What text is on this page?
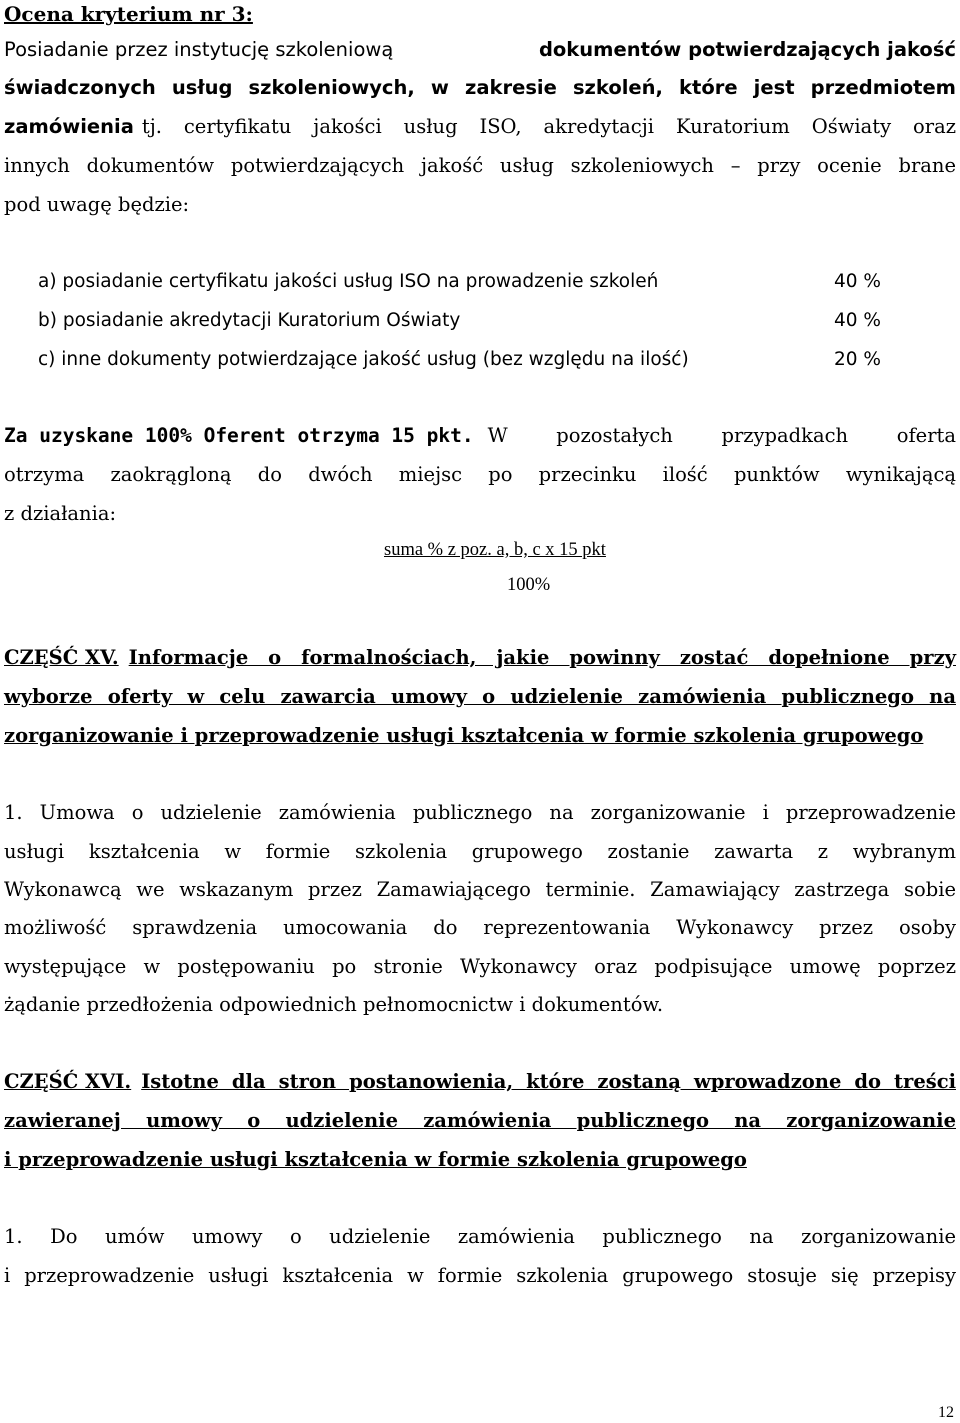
Ocena kryterium nr 3:
Posiadanie przez instytucję szkoleniową	dokumentów potwierdzających jakość
świadczonych usług szkoleniowych, w zakresie szkoleń, które jest przedmiotem
zamówienia tj. certyfikatu jakości usług ISO, akredytacji Kuratorium Oświaty oraz
innych dokumentów potwierdzających jakość usług szkoleniowych – przy ocenie brane
pod uwagę będzie:
a) posiadanie certyfikatu jakości usług ISO na prowadzenie szkoleń	40 %
b) posiadanie akredytacji Kuratorium Oświaty	40 %
c) inne dokumenty potwierdzające jakość usług (bez względu na ilość)	20 %
Za uzyskane 100% Oferent otrzyma 15 pkt. W pozostałych przypadkach oferta
otrzyma zaokrągloną do dwóch miejsc po przecinku ilość punktów wynikającą
z działania:
suma % z poz. a, b, c x 15 pkt
100%
CZĘŚĆ XV. Informacje o formalnościach, jakie powinny zostać dopełnione przy
wyborze oferty w celu zawarcia umowy o udzielenie zamówienia publicznego na
zorganizowanie i przeprowadzenie usługi kształcenia w formie szkolenia grupowego
1. Umowa o udzielenie zamówienia publicznego na zorganizowanie i przeprowadzenie
usługi kształcenia w formie szkolenia grupowego zostanie zawarta z wybranym
Wykonawcą we wskazanym przez Zamawiającego terminie. Zamawiający zastrzega sobie
możliwość sprawdzenia umocowania do reprezentowania Wykonawcy przez osoby
występujące w postępowaniu po stronie Wykonawcy oraz podpisujące umowę poprzez
żądanie przedłożenia odpowiednich pełnomocnictw i dokumentów.
CZĘŚĆ XVI. Istotne dla stron postanowienia, które zostaną wprowadzone do treści
zawieranej umowy o udzielenie zamówienia publicznego na zorganizowanie
i przeprowadzenie usługi kształcenia w formie szkolenia grupowego
1. Do umów umowy o udzielenie zamówienia publicznego na zorganizowanie
i przeprowadzenie usługi kształcenia w formie szkolenia grupowego stosuje się przepisy
12
